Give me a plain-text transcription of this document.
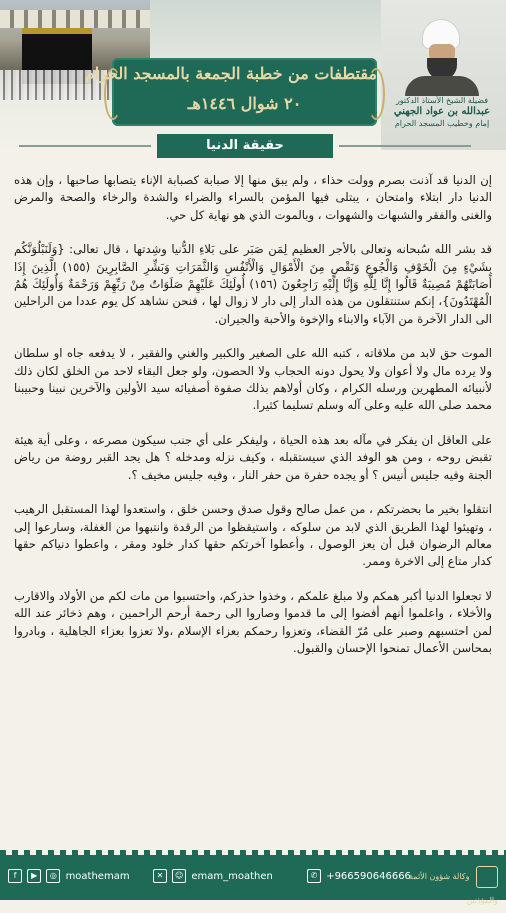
فضيلة الشيخ الأستاذ الدكتور
عبدالله بن عواد الجهني
إمام وخطيب المسجد الحرام
مقتطفات من خطبة الجمعة بالمسجد الحرام
٢٠ شوال ١٤٤٦هـ
حقيقة الدنيا

إن الدنيا قد آذنت بصرم وولت حذاء ، ولم يبق منها إلا صبابة كصبابة الإناء يتصابها صاحبها ، وإن هذه الدنيا دار ابتلاء وامتحان ، يبتلى فيها المؤمن بالسراء والضراء والشدة والرخاء والصحة والمرض والغنى والفقر والشبهات والشهوات ، وبالموت الذي هو نهاية كل حي.

قد بشر الله سُبحانه وتعالى بالأجر العظيم لِمَن صَبَر على بَلاءِ الدُّنيا وشِدتها ، قال تعالى: {وَلَنَبْلُوَنَّكُم بِشَيْءٍ مِنَ الْخَوْفِ وَالْجُوعِ وَنَقْصٍ مِنَ الْأَمْوَالِ وَالْأَنْفُسِ وَالثَّمَرَاتِ وَبَشِّرِ الصَّابِرِينَ (١٥٥) الَّذِينَ إِذَا أَصَابَتْهُمْ مُصِيبَةٌ قَالُوا إِنَّا لِلَّهِ وَإِنَّا إِلَيْهِ رَاجِعُونَ (١٥٦) أُولَئِكَ عَلَيْهِمْ صَلَوَاتٌ مِنْ رَبِّهِمْ وَرَحْمَةٌ وَأُولَئِكَ هُمُ الْمُهْتَدُونَ}، إنكم ستنتقلون من هذه الدار إلى دار لا زوال لها ، فنحن نشاهد كل يوم عددا من الراحلين الى الدار الآخرة من الآباء والابناء والإخوة والأحبة والجيران.

الموت حق لابد من ملاقاته ، كتبه الله على الصغير والكبير والغني والفقير ، لا يدفعه جاه او سلطان ولا يرده مال ولا أعوان ولا يحول دونه الحجاب ولا الحصون، ولو جعل البقاء لاحد من الخلق لكان ذلك لأنبيائه المطهرين ورسله الكرام ، وكان أولاهم بذلك صفوة أصفيائه سيد الأولين والآخرين نبينا وحبيبنا محمد صلى الله عليه وعلى آله وسلم تسليما كثيرا.

على العاقل ان يفكر في مآله بعد هذه الحياة ، وليفكر على أي جنب سيكون مصرعه ، وعلى أية هيئة تقبض روحه ، ومن هو الوفد الذي سيستقبله ، وكيف نزله ومدخله ؟ هل يجد القبر روضة من رياض الجنة وفيه جليس أنيس ؟ أو يجده حفرة من حفر النار ، وفيه جليس مخيف ؟.

انتقلوا بخير ما بحضرتكم ، من عمل صالح وقول صدق وحسن خلق ، واستعدوا لهذا المستقبل الرهيب ، وتهيئوا لهذا الطريق الذي لابد من سلوكه ، واستيقظوا من الرقدة وانتبهوا من الغفلة، وسارعوا إلى معالم الرضوان قبل أن يعز الوصول ، وأعطوا آخرتكم حقها كدار خلود ومقر ، واعطوا دنياكم حقها كدار متاع إلى الاخرة وممر.

لا تجعلوا الدنيا أكبر همكم ولا مبلغ علمكم ، وخذوا حذركم، واحتسبوا من مات لكم من الأولاد والاقارب والأخلاء ، واعلموا أنهم أفضوا إلى ما قدموا وصاروا الى رحمة أرحم الراحمين ، وهم ذخائر عند الله لمن احتسبهم وصبر على مُرّ القضاء، وتعزوا رحمكم بعزاء الإسلام ،ولا تعزوا بعزاء الجاهلية ، وبادروا بمحاسن الأعمال تمنحوا الإحسان والقبول.

f ▶ ◎ moathemam	✕ ☺ emam_moathen	✆ +966590646666
وكالة شؤون الأئمة والمؤذنين
